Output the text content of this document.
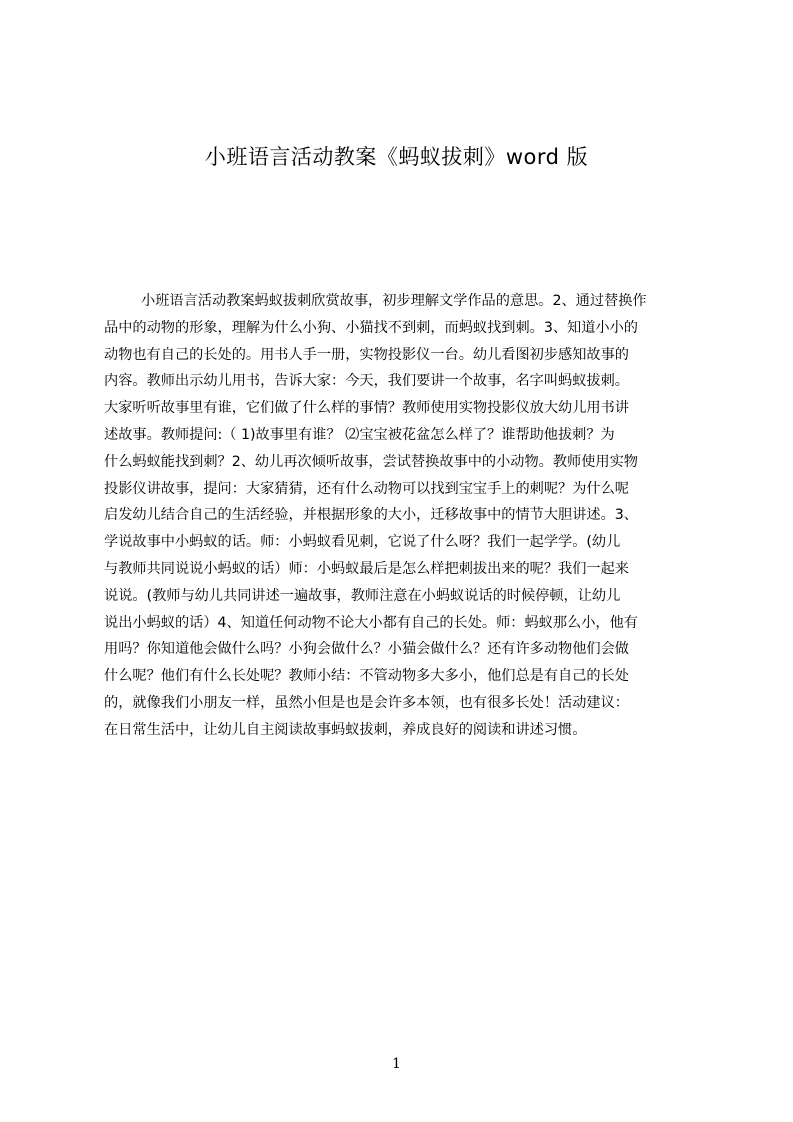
小班语言活动教案《蚂蚁拔刺》word 版
小班语言活动教案蚂蚁拔刺欣赏故事，初步理解文学作品的意思。2、通过替换作
品中的动物的形象，理解为什么小狗、小猫找不到刺，而蚂蚁找到刺。3、知道小小的
动物也有自己的长处的。用书人手一册，实物投影仪一台。幼儿看图初步感知故事的
内容。教师出示幼儿用书，告诉大家：今天，我们要讲一个故事，名字叫蚂蚁拔刺。
大家听听故事里有谁，它们做了什么样的事情？教师使用实物投影仪放大幼儿用书讲
述故事。教师提问:（ 1)故事里有谁？ ⑵宝宝被花盆怎么样了？谁帮助他拔刺？为
什么蚂蚁能找到刺？2、幼儿再次倾听故事，尝试替换故事中的小动物。教师使用实物
投影仪讲故事，提问：大家猜猜，还有什么动物可以找到宝宝手上的刺呢？为什么呢
启发幼儿结合自己的生活经验，并根据形象的大小，迁移故事中的情节大胆讲述。3、
学说故事中小蚂蚁的话。师：小蚂蚁看见刺，它说了什么呀？我们一起学学。(幼儿
与教师共同说说小蚂蚁的话）师：小蚂蚁最后是怎么样把刺拔出来的呢？我们一起来
说说。(教师与幼儿共同讲述一遍故事，教师注意在小蚂蚁说话的时候停顿，让幼儿
说出小蚂蚁的话）4、知道任何动物不论大小都有自己的长处。师：蚂蚁那么小，他有
用吗？你知道他会做什么吗？小狗会做什么？小猫会做什么？还有许多动物他们会做
什么呢？他们有什么长处呢？教师小结：不管动物多大多小，他们总是有自己的长处
的，就像我们小朋友一样，虽然小但是也是会许多本领，也有很多长处！活动建议：
在日常生活中，让幼儿自主阅读故事蚂蚁拔刺，养成良好的阅读和讲述习惯。
1
